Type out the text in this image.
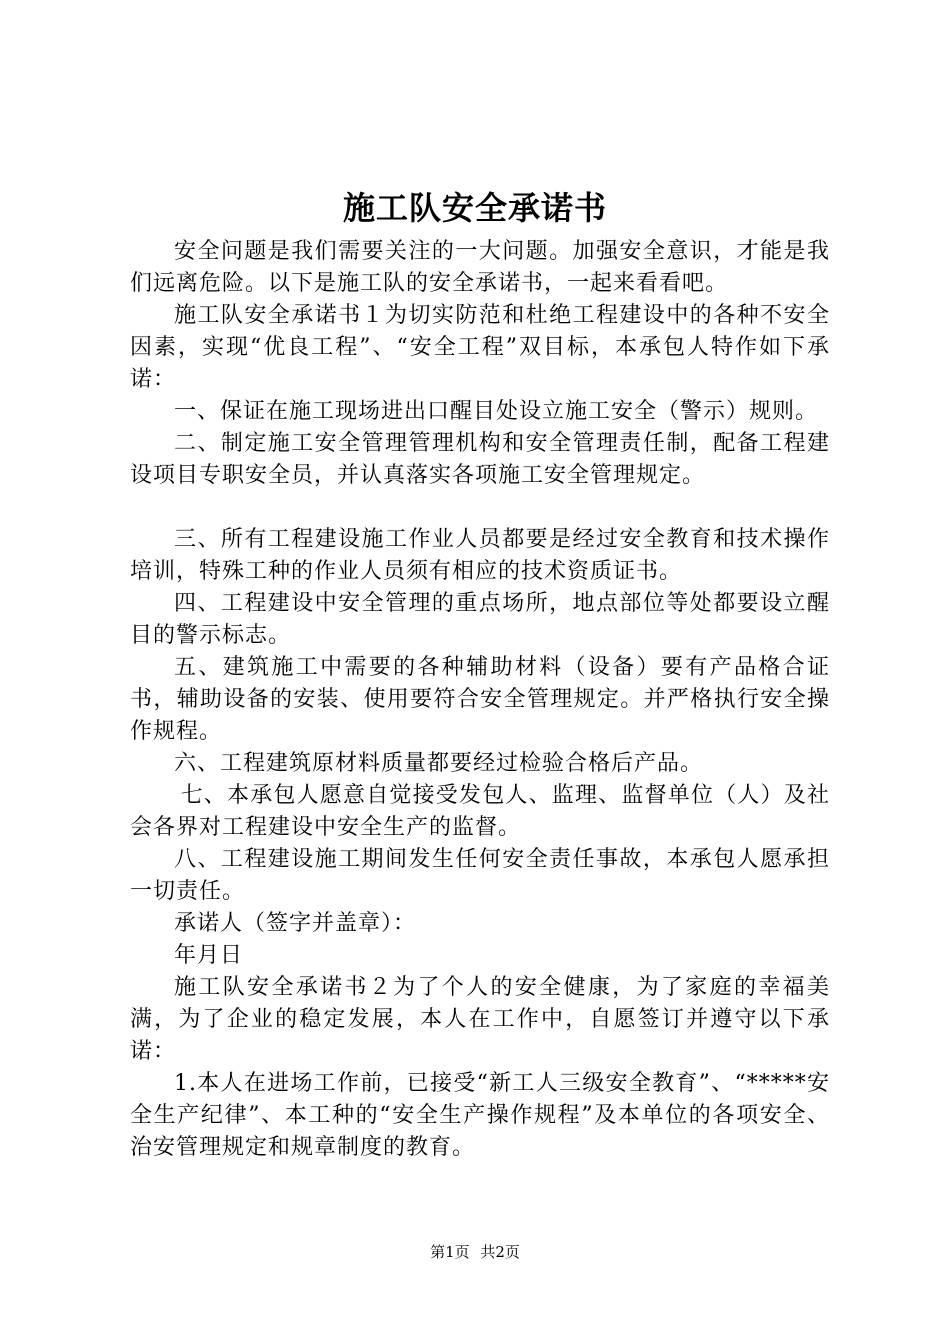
施工队安全承诺书

安全问题是我们需要关注的一大问题。加强安全意识，才能是我们远离危险。以下是施工队的安全承诺书，一起来看看吧。

施工队安全承诺书１为切实防范和杜绝工程建设中的各种不安全因素，实现“优良工程”、“安全工程”双目标，本承包人特作如下承诺：

一、保证在施工现场进出口醒目处设立施工安全（警示）规则。

二、制定施工安全管理管理机构和安全管理责任制，配备工程建设项目专职安全员，并认真落实各项施工安全管理规定。

三、所有工程建设施工作业人员都要是经过安全教育和技术操作培训，特殊工种的作业人员须有相应的技术资质证书。

四、工程建设中安全管理的重点场所，地点部位等处都要设立醒目的警示标志。

五、建筑施工中需要的各种辅助材料（设备）要有产品格合证书，辅助设备的安装、使用要符合安全管理规定。并严格执行安全操作规程。

六、工程建筑原材料质量都要经过检验合格后产品。

七、本承包人愿意自觉接受发包人、监理、监督单位（人）及社会各界对工程建设中安全生产的监督。

八、工程建设施工期间发生任何安全责任事故，本承包人愿承担一切责任。

承诺人（签字并盖章）：

年月日

施工队安全承诺书２为了个人的安全健康，为了家庭的幸福美满，为了企业的稳定发展，本人在工作中，自愿签订并遵守以下承诺：

1.本人在进场工作前，已接受“新工人三级安全教育”、“*****安全生产纪律”、本工种的“安全生产操作规程”及本单位的各项安全、治安管理规定和规章制度的教育。

第1页 共2页
